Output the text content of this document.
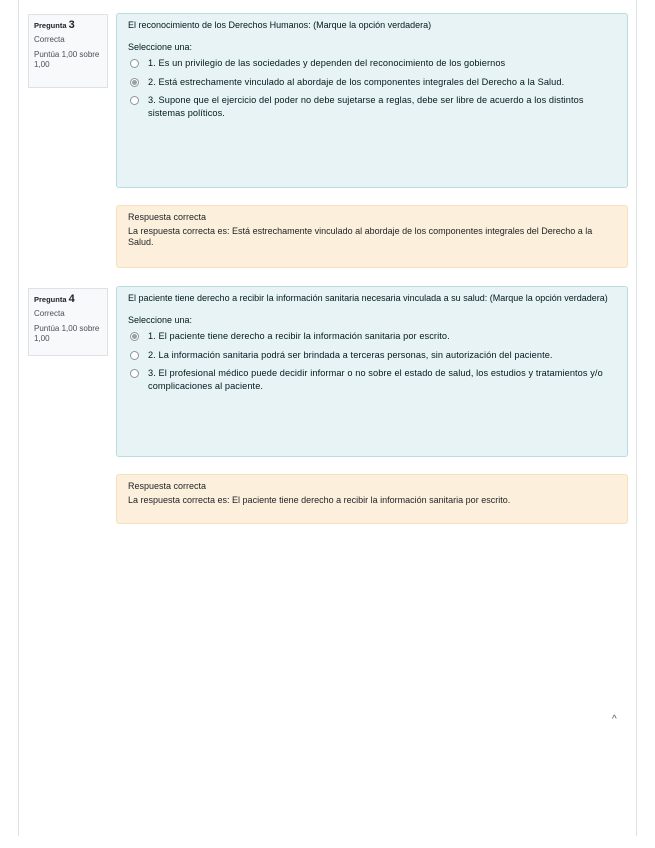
Pregunta 3
Correcta
Puntúa 1,00 sobre 1,00
El reconocimiento de los Derechos Humanos: (Marque la opción verdadera)
Seleccione una:
1. Es un privilegio de las sociedades y dependen del reconocimiento de los gobiernos
2. Está estrechamente vinculado al abordaje de los componentes integrales del Derecho a la Salud.
3. Supone que el ejercicio del poder no debe sujetarse a reglas, debe ser libre de acuerdo a los distintos sistemas políticos.
Respuesta correcta
La respuesta correcta es: Está estrechamente vinculado al abordaje de los componentes integrales del Derecho a la Salud.
Pregunta 4
Correcta
Puntúa 1,00 sobre 1,00
El paciente tiene derecho a recibir la información sanitaria necesaria vinculada a su salud: (Marque la opción verdadera)
Seleccione una:
1. El paciente tiene derecho a recibir la información sanitaria por escrito.
2. La información sanitaria podrá ser brindada a terceras personas, sin autorización del paciente.
3. El profesional médico puede decidir informar o no sobre el estado de salud, los estudios y tratamientos y/o complicaciones al paciente.
Respuesta correcta
La respuesta correcta es: El paciente tiene derecho a recibir la información sanitaria por escrito.
^
